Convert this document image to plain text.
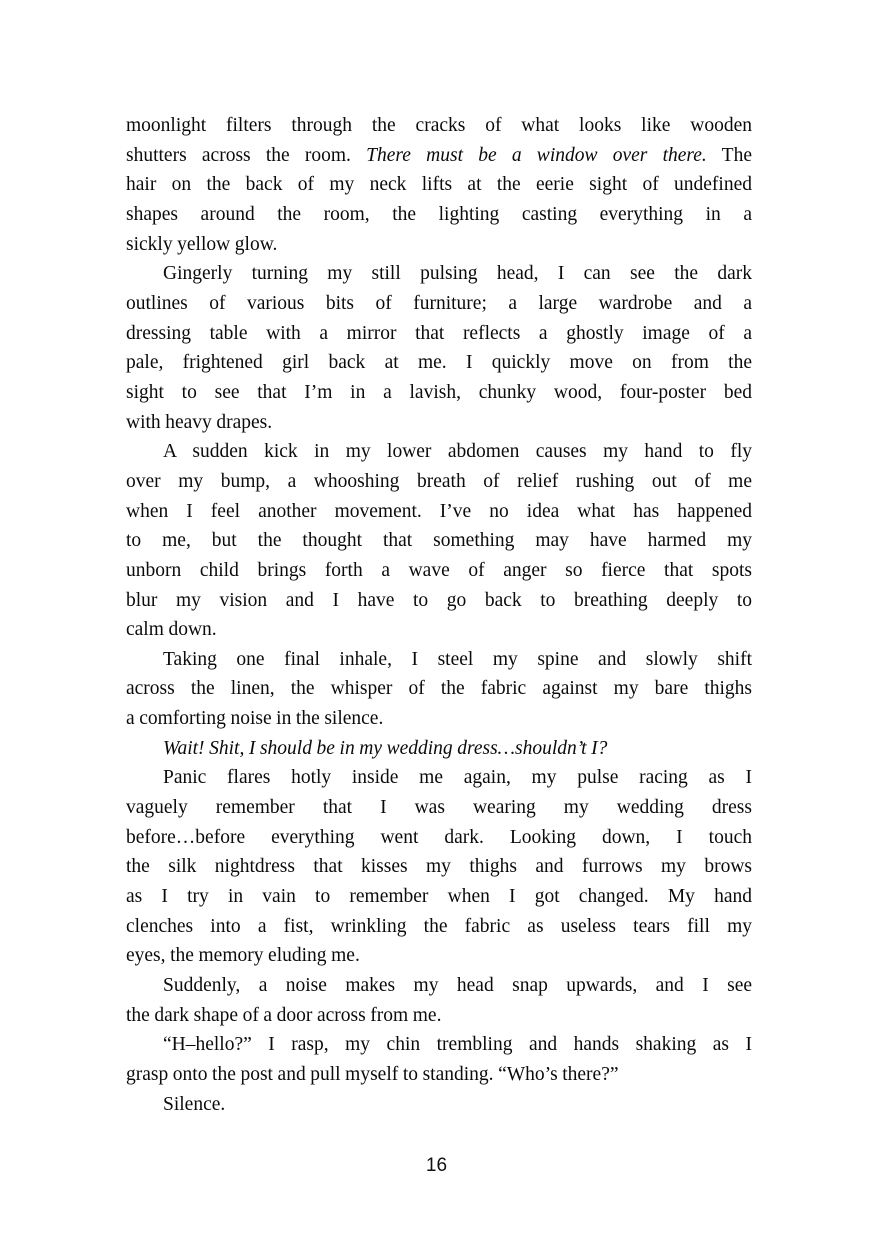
moonlight filters through the cracks of what looks like wooden
shutters across the room. There must be a window over there. The
hair on the back of my neck lifts at the eerie sight of undefined
shapes around the room, the lighting casting everything in a
sickly yellow glow.
Gingerly turning my still pulsing head, I can see the dark
outlines of various bits of furniture; a large wardrobe and a
dressing table with a mirror that reflects a ghostly image of a
pale, frightened girl back at me. I quickly move on from the
sight to see that I’m in a lavish, chunky wood, four-poster bed
with heavy drapes.
A sudden kick in my lower abdomen causes my hand to fly
over my bump, a whooshing breath of relief rushing out of me
when I feel another movement. I’ve no idea what has happened
to me, but the thought that something may have harmed my
unborn child brings forth a wave of anger so fierce that spots
blur my vision and I have to go back to breathing deeply to
calm down.
Taking one final inhale, I steel my spine and slowly shift
across the linen, the whisper of the fabric against my bare thighs
a comforting noise in the silence.
Wait! Shit, I should be in my wedding dress…shouldn’t I?
Panic flares hotly inside me again, my pulse racing as I
vaguely remember that I was wearing my wedding dress
before…before everything went dark. Looking down, I touch
the silk nightdress that kisses my thighs and furrows my brows
as I try in vain to remember when I got changed. My hand
clenches into a fist, wrinkling the fabric as useless tears fill my
eyes, the memory eluding me.
Suddenly, a noise makes my head snap upwards, and I see
the dark shape of a door across from me.
“H–hello?” I rasp, my chin trembling and hands shaking as I
grasp onto the post and pull myself to standing. “Who’s there?”
Silence.
16
